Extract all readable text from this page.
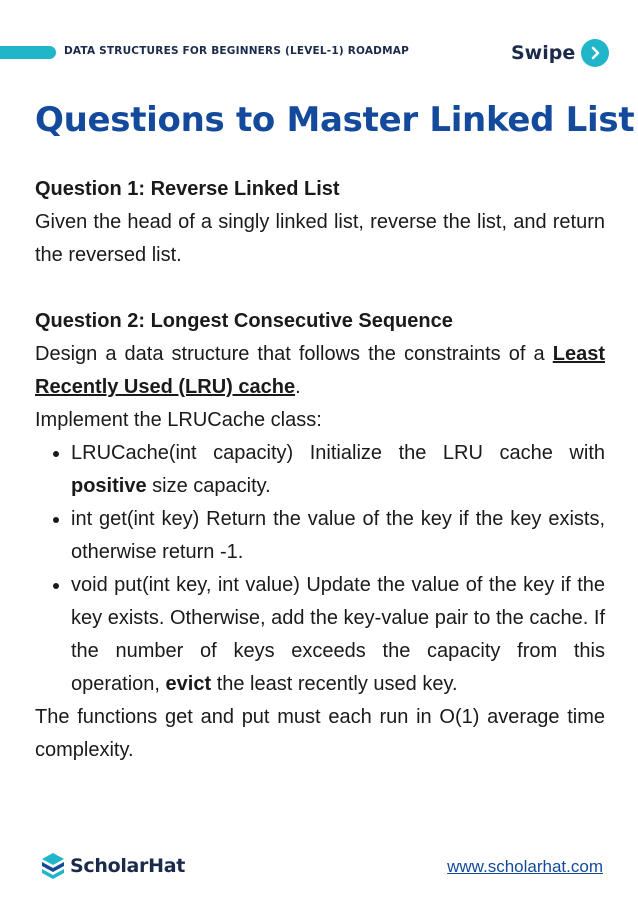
DATA STRUCTURES FOR BEGINNERS (LEVEL-1) ROADMAP	Swipe
Questions to Master Linked List

Question 1: Reverse Linked List

Given the head of a singly linked list, reverse the list, and return the reversed list.

Question 2: Longest Consecutive Sequence

Design a data structure that follows the constraints of a Least Recently Used (LRU) cache.

Implement the LRUCache class:

• LRUCache(int capacity) Initialize the LRU cache with positive size capacity.
• int get(int key) Return the value of the key if the key exists, otherwise return -1.
• void put(int key, int value) Update the value of the key if the key exists. Otherwise, add the key-value pair to the cache. If the number of keys exceeds the capacity from this operation, evict the least recently used key.

The functions get and put must each run in O(1) average time complexity.

ScholarHat	www.scholarhat.com
